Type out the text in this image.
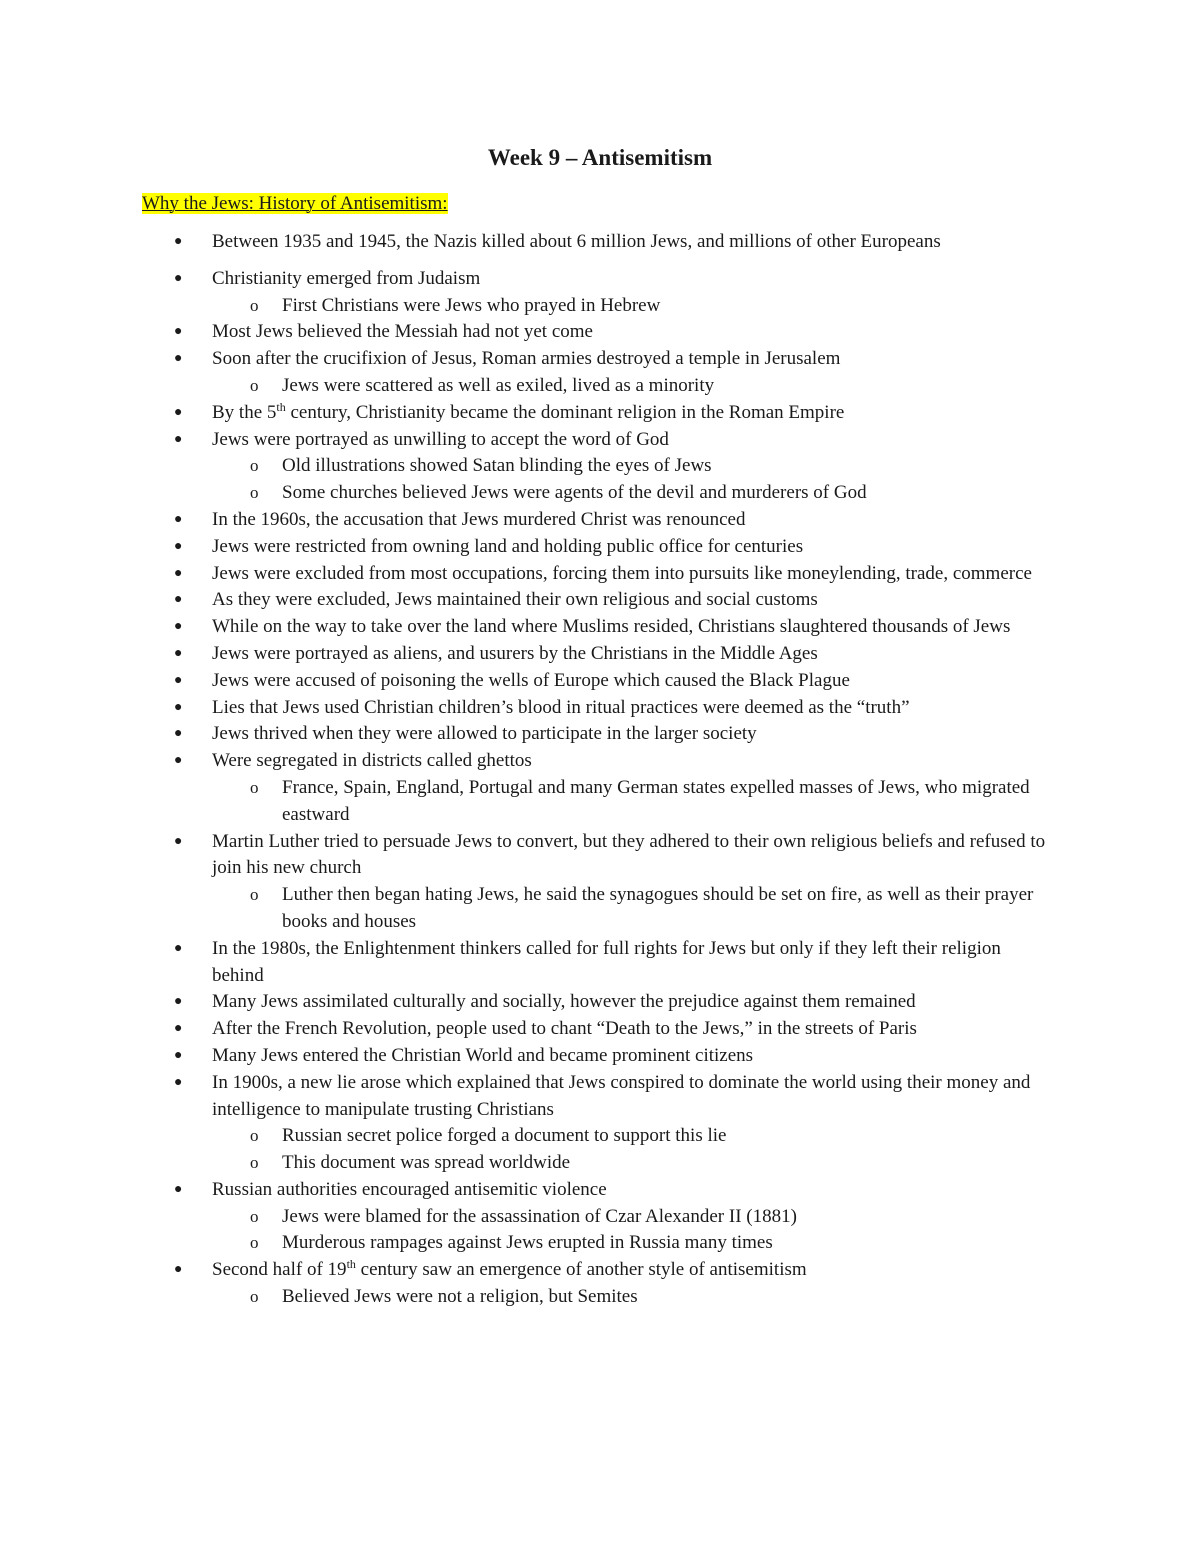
Week 9 – Antisemitism
Why the Jews: History of Antisemitism:
● Between 1935 and 1945, the Nazis killed about 6 million Jews, and millions of other Europeans
● Christianity emerged from Judaism
o First Christians were Jews who prayed in Hebrew
● Most Jews believed the Messiah had not yet come
● Soon after the crucifixion of Jesus, Roman armies destroyed a temple in Jerusalem
o Jews were scattered as well as exiled, lived as a minority
● By the 5th century, Christianity became the dominant religion in the Roman Empire
● Jews were portrayed as unwilling to accept the word of God
o Old illustrations showed Satan blinding the eyes of Jews
o Some churches believed Jews were agents of the devil and murderers of God
● In the 1960s, the accusation that Jews murdered Christ was renounced
● Jews were restricted from owning land and holding public office for centuries
● Jews were excluded from most occupations, forcing them into pursuits like moneylending, trade, commerce
● As they were excluded, Jews maintained their own religious and social customs
● While on the way to take over the land where Muslims resided, Christians slaughtered thousands of Jews
● Jews were portrayed as aliens, and usurers by the Christians in the Middle Ages
● Jews were accused of poisoning the wells of Europe which caused the Black Plague
● Lies that Jews used Christian children’s blood in ritual practices were deemed as the “truth”
● Jews thrived when they were allowed to participate in the larger society
● Were segregated in districts called ghettos
o France, Spain, England, Portugal and many German states expelled masses of Jews, who migrated eastward
● Martin Luther tried to persuade Jews to convert, but they adhered to their own religious beliefs and refused to join his new church
o Luther then began hating Jews, he said the synagogues should be set on fire, as well as their prayer books and houses
● In the 1980s, the Enlightenment thinkers called for full rights for Jews but only if they left their religion behind
● Many Jews assimilated culturally and socially, however the prejudice against them remained
● After the French Revolution, people used to chant “Death to the Jews,” in the streets of Paris
● Many Jews entered the Christian World and became prominent citizens
● In 1900s, a new lie arose which explained that Jews conspired to dominate the world using their money and intelligence to manipulate trusting Christians
o Russian secret police forged a document to support this lie
o This document was spread worldwide
● Russian authorities encouraged antisemitic violence
o Jews were blamed for the assassination of Czar Alexander II (1881)
o Murderous rampages against Jews erupted in Russia many times
● Second half of 19th century saw an emergence of another style of antisemitism
o Believed Jews were not a religion, but Semites
